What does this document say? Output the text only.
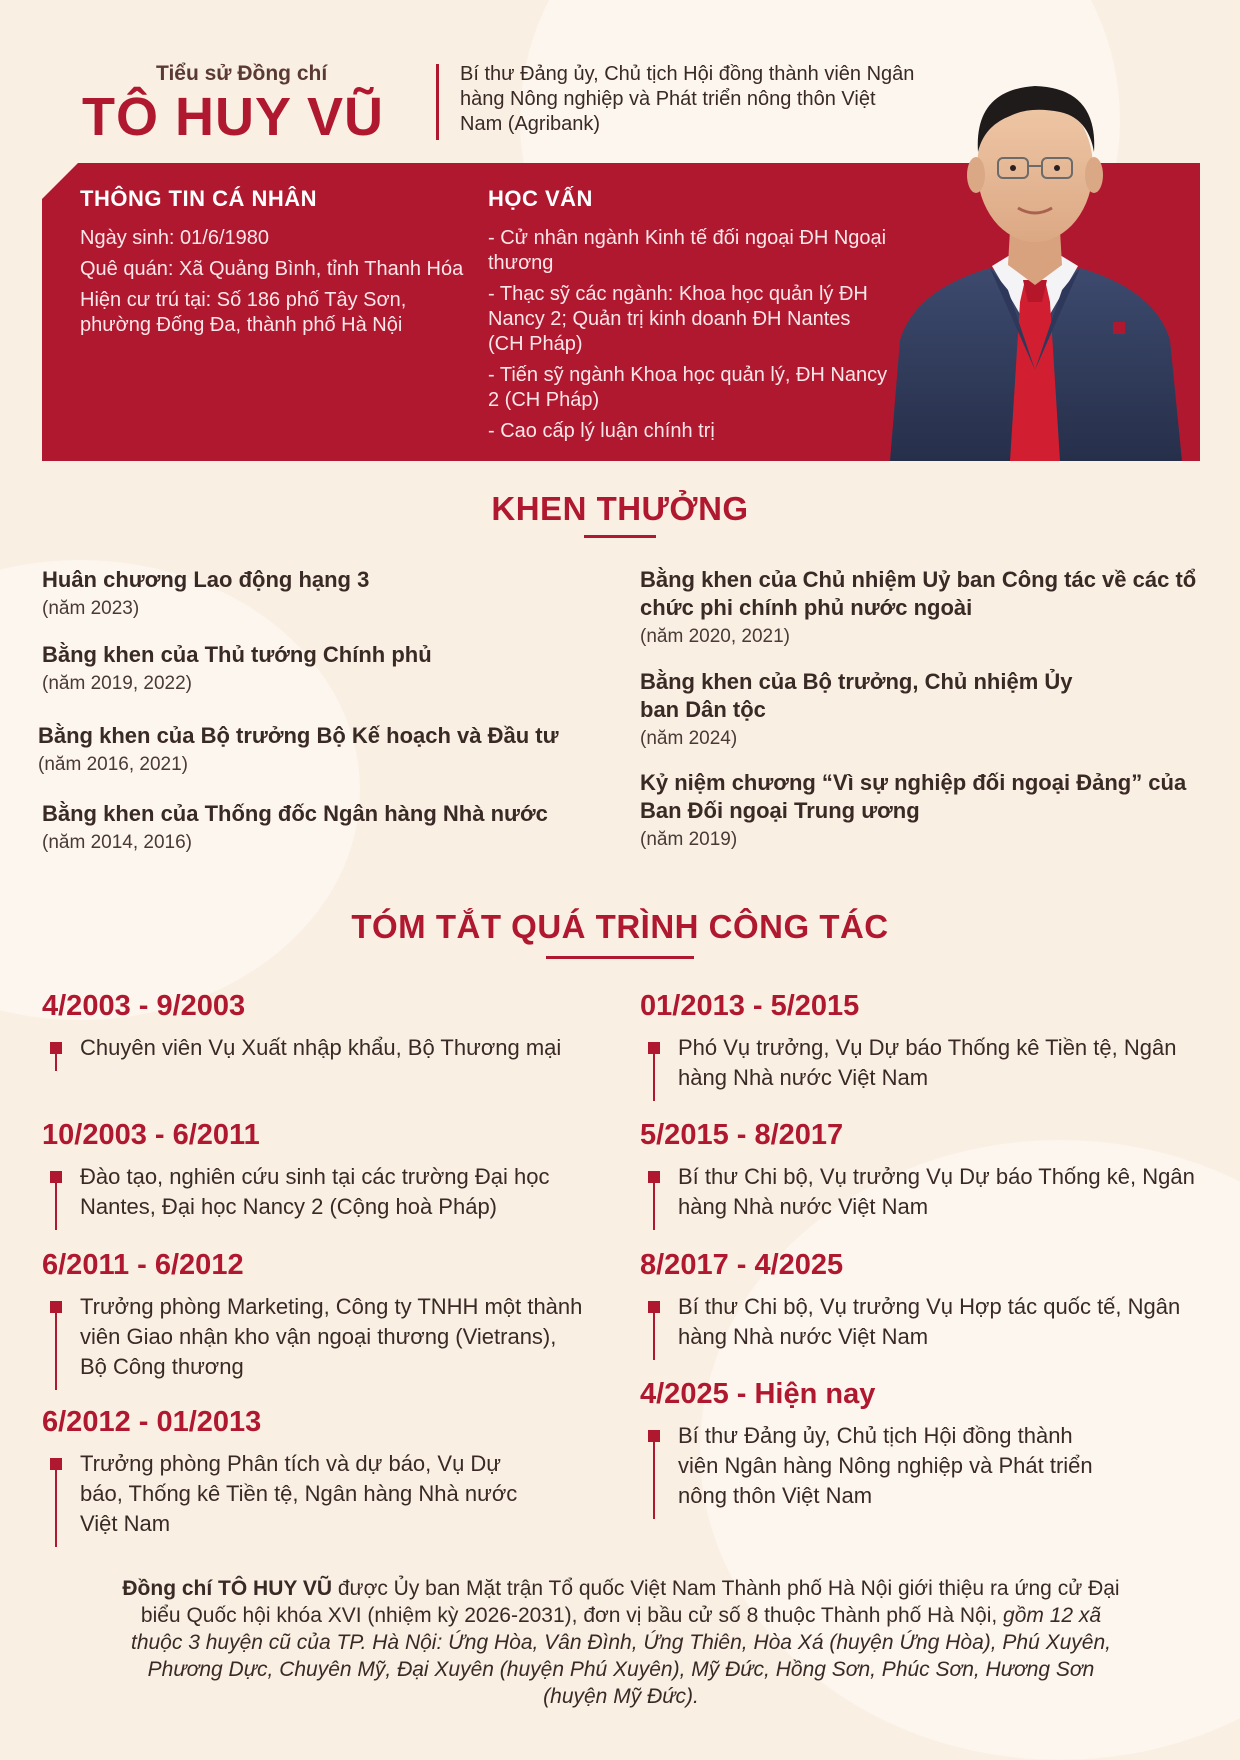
Tiểu sử Đồng chí
TÔ HUY VŨ
Bí thư Đảng ủy, Chủ tịch Hội đồng thành viên Ngân hàng Nông nghiệp và Phát triển nông thôn Việt Nam (Agribank)
THÔNG TIN CÁ NHÂN
Ngày sinh: 01/6/1980
Quê quán: Xã Quảng Bình, tỉnh Thanh Hóa
Hiện cư trú tại: Số 186 phố Tây Sơn, phường Đống Đa, thành phố Hà Nội
HỌC VẤN
- Cử nhân ngành Kinh tế đối ngoại ĐH Ngoại thương
- Thạc sỹ các ngành: Khoa học quản lý ĐH Nancy 2; Quản trị kinh doanh ĐH Nantes (CH Pháp)
- Tiến sỹ ngành Khoa học quản lý, ĐH Nancy 2 (CH Pháp)
- Cao cấp lý luận chính trị
KHEN THƯỞNG
Huân chương Lao động hạng 3
(năm 2023)
Bằng khen của Thủ tướng Chính phủ
(năm 2019, 2022)
Bằng khen của Bộ trưởng Bộ Kế hoạch và Đầu tư
(năm 2016, 2021)
Bằng khen của Thống đốc Ngân hàng Nhà nước
(năm 2014, 2016)
Bằng khen của Chủ nhiệm Uỷ ban Công tác về các tổ chức phi chính phủ nước ngoài
(năm 2020, 2021)
Bằng khen của Bộ trưởng, Chủ nhiệm Ủy ban Dân tộc
(năm 2024)
Kỷ niệm chương “Vì sự nghiệp đối ngoại Đảng” của Ban Đối ngoại Trung ương
(năm 2019)
TÓM TẮT QUÁ TRÌNH CÔNG TÁC
4/2003 - 9/2003
Chuyên viên Vụ Xuất nhập khẩu, Bộ Thương mại
10/2003 - 6/2011
Đào tạo, nghiên cứu sinh tại các trường Đại học Nantes, Đại học Nancy 2 (Cộng hoà Pháp)
6/2011 - 6/2012
Trưởng phòng Marketing, Công ty TNHH một thành viên Giao nhận kho vận ngoại thương (Vietrans), Bộ Công thương
6/2012 - 01/2013
Trưởng phòng Phân tích và dự báo, Vụ Dự báo, Thống kê Tiền tệ, Ngân hàng Nhà nước Việt Nam
01/2013 - 5/2015
Phó Vụ trưởng, Vụ Dự báo Thống kê Tiền tệ, Ngân hàng Nhà nước Việt Nam
5/2015 - 8/2017
Bí thư Chi bộ, Vụ trưởng Vụ Dự báo Thống kê, Ngân hàng Nhà nước Việt Nam
8/2017 - 4/2025
Bí thư Chi bộ, Vụ trưởng Vụ Hợp tác quốc tế, Ngân hàng Nhà nước Việt Nam
4/2025 - Hiện nay
Bí thư Đảng ủy, Chủ tịch Hội đồng thành viên Ngân hàng Nông nghiệp và Phát triển nông thôn Việt Nam
Đồng chí TÔ HUY VŨ được Ủy ban Mặt trận Tổ quốc Việt Nam Thành phố Hà Nội giới thiệu ra ứng cử Đại biểu Quốc hội khóa XVI (nhiệm kỳ 2026-2031), đơn vị bầu cử số 8 thuộc Thành phố Hà Nội, gồm 12 xã thuộc 3 huyện cũ của TP. Hà Nội: Ứng Hòa, Vân Đình, Ứng Thiên, Hòa Xá (huyện Ứng Hòa), Phú Xuyên, Phương Dực, Chuyên Mỹ, Đại Xuyên (huyện Phú Xuyên), Mỹ Đức, Hồng Sơn, Phúc Sơn, Hương Sơn (huyện Mỹ Đức).
